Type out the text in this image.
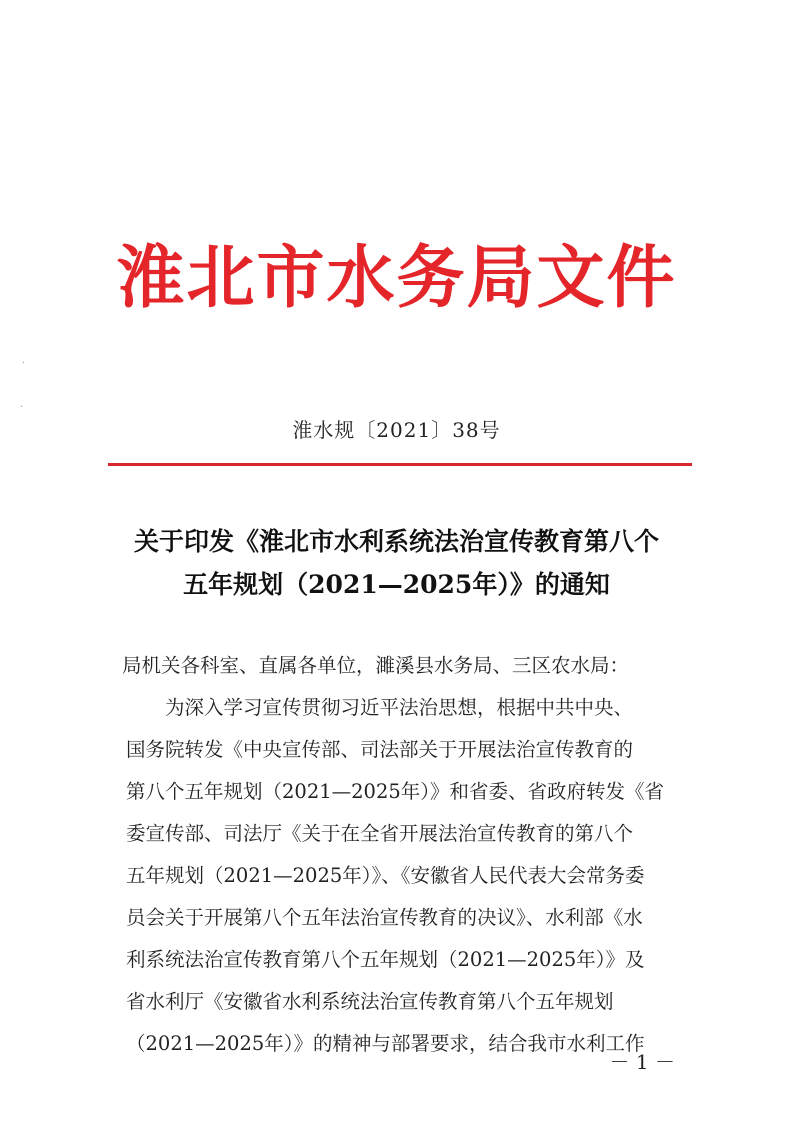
淮北市水务局文件
·
·
淮水规〔2021〕38号
关于印发《淮北市水利系统法治宣传教育第八个
五年规划（2021—2025年）》的通知
局机关各科室、直属各单位，濉溪县水务局、三区农水局：
为深入学习宣传贯彻习近平法治思想，根据中共中央、
国务院转发《中央宣传部、司法部关于开展法治宣传教育的
第八个五年规划（2021—2025年）》和省委、省政府转发《省
委宣传部、司法厅《关于在全省开展法治宣传教育的第八个
五年规划（2021—2025年）》、《安徽省人民代表大会常务委
员会关于开展第八个五年法治宣传教育的决议》、水利部《水
利系统法治宣传教育第八个五年规划（2021—2025年）》及
省水利厅《安徽省水利系统法治宣传教育第八个五年规划
（2021—2025年）》的精神与部署要求，结合我市水利工作
－ 1 －
